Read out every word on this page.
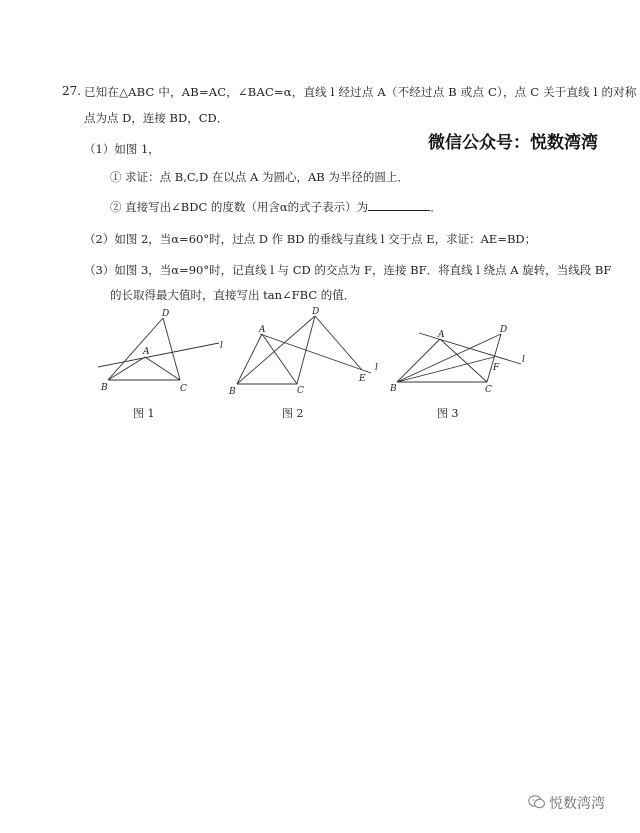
27. 已知在△ABC 中，AB=AC，∠BAC=α，直线 l 经过点 A（不经过点 B 或点 C），点 C 关于直线 l 的对称
点为点 D，连接 BD，CD．
微信公众号：悦数湾湾
（1）如图 1，
① 求证：点 B,C,D 在以点 A 为圆心，AB 为半径的圆上．
② 直接写出∠BDC 的度数（用含α的式子表示）为	．
（2）如图 2，当α=60°时，过点 D 作 BD 的垂线与直线 l 交于点 E，求证：AE=BD；
（3）如图 3，当α=90°时，记直线 l 与 CD 的交点为 F，连接 BF．将直线 l 绕点 A 旋转，当线段 BF
的长取得最大值时，直接写出 tan∠FBC 的值．
A
B	C
D
l
A
B	C
D
E
l
A
B	C
D
F
l
图 1	图 2	图 3
悦数湾湾
